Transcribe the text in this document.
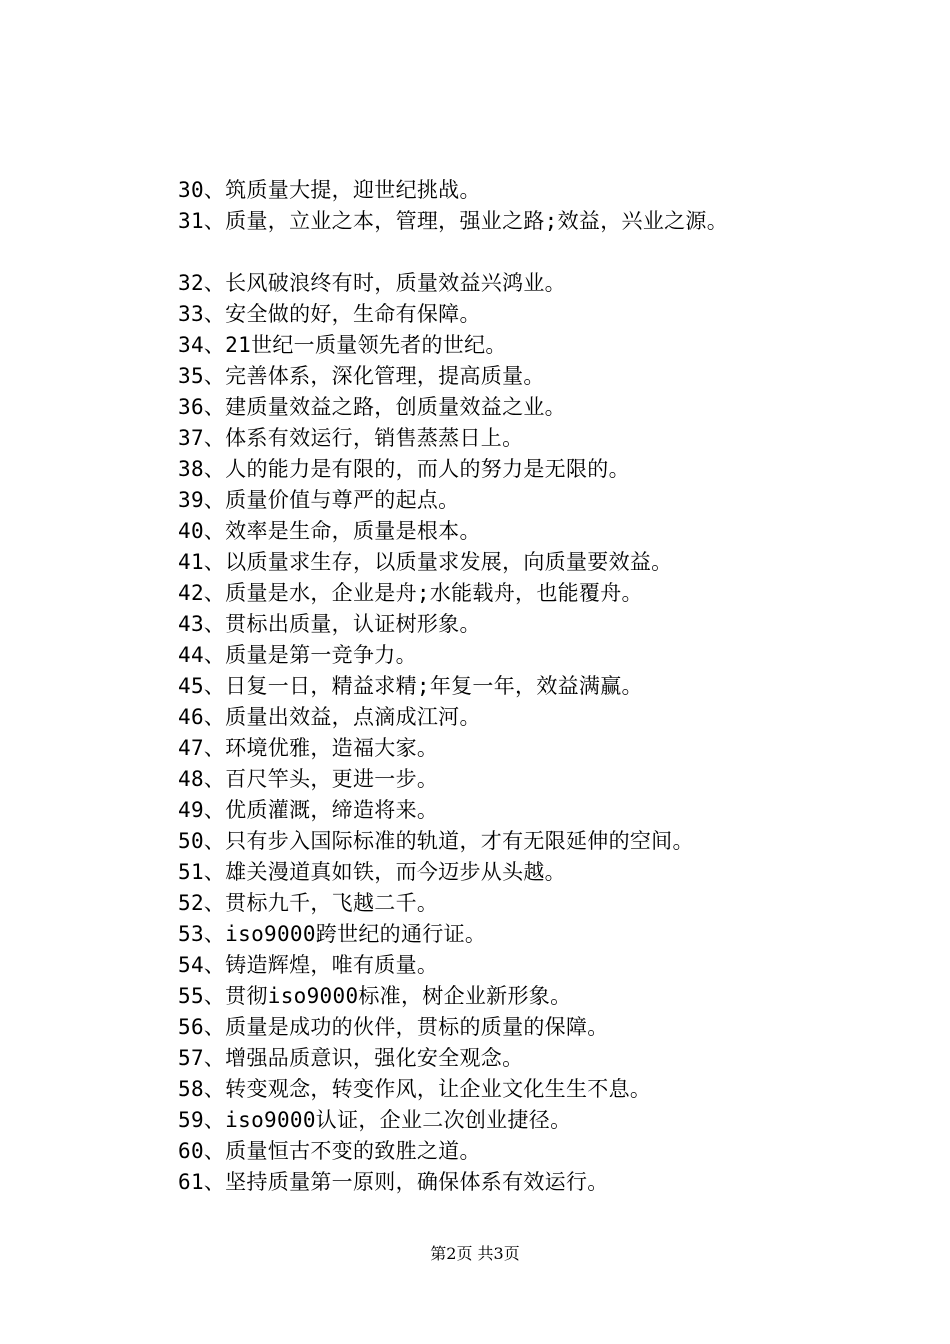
30、筑质量大提，迎世纪挑战。
31、质量，立业之本，管理，强业之路;效益，兴业之源。
32、长风破浪终有时，质量效益兴鸿业。
33、安全做的好，生命有保障。
34、21世纪一质量领先者的世纪。
35、完善体系，深化管理，提高质量。
36、建质量效益之路，创质量效益之业。
37、体系有效运行，销售蒸蒸日上。
38、人的能力是有限的，而人的努力是无限的。
39、质量价值与尊严的起点。
40、效率是生命，质量是根本。
41、以质量求生存，以质量求发展，向质量要效益。
42、质量是水，企业是舟;水能载舟，也能覆舟。
43、贯标出质量，认证树形象。
44、质量是第一竞争力。
45、日复一日，精益求精;年复一年，效益满赢。
46、质量出效益，点滴成江河。
47、环境优雅，造福大家。
48、百尺竿头，更进一步。
49、优质灌溉，缔造将来。
50、只有步入国际标准的轨道，才有无限延伸的空间。
51、雄关漫道真如铁，而今迈步从头越。
52、贯标九千，飞越二千。
53、iso9000跨世纪的通行证。
54、铸造辉煌，唯有质量。
55、贯彻iso9000标准，树企业新形象。
56、质量是成功的伙伴，贯标的质量的保障。
57、增强品质意识，强化安全观念。
58、转变观念，转变作风，让企业文化生生不息。
59、iso9000认证，企业二次创业捷径。
60、质量恒古不变的致胜之道。
61、坚持质量第一原则，确保体系有效运行。
第2页 共3页
